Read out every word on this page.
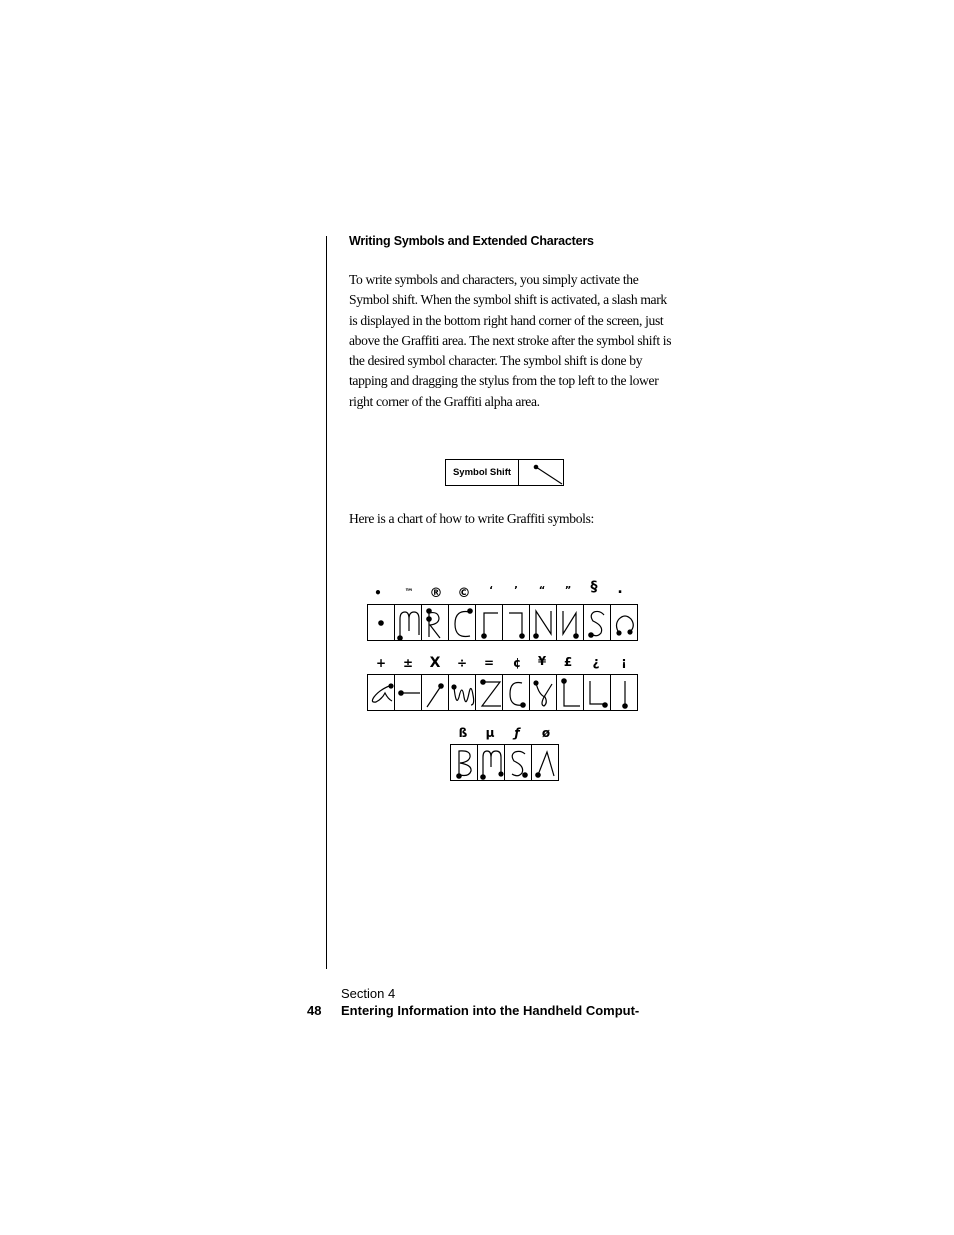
Writing Symbols and Extended Characters
To write symbols and characters, you simply activate the
Symbol shift. When the symbol shift is activated, a slash mark
is displayed in the bottom right hand corner of the screen, just
above the Graffiti area. The next stroke after the symbol shift is
the desired symbol character. The symbol shift is done by
tapping and dragging the stylus from the top left to the lower
right corner of the Graffiti alpha area.
Symbol Shift
Here is a chart of how to write Graffiti symbols:
•	™	®	©	‘	’	“	”	§	.
+	±	X	÷	=	¢	¥	£	¿	¡
ß	µ	ƒ	ø
Section 4
48 Entering Information into the Handheld Comput-
